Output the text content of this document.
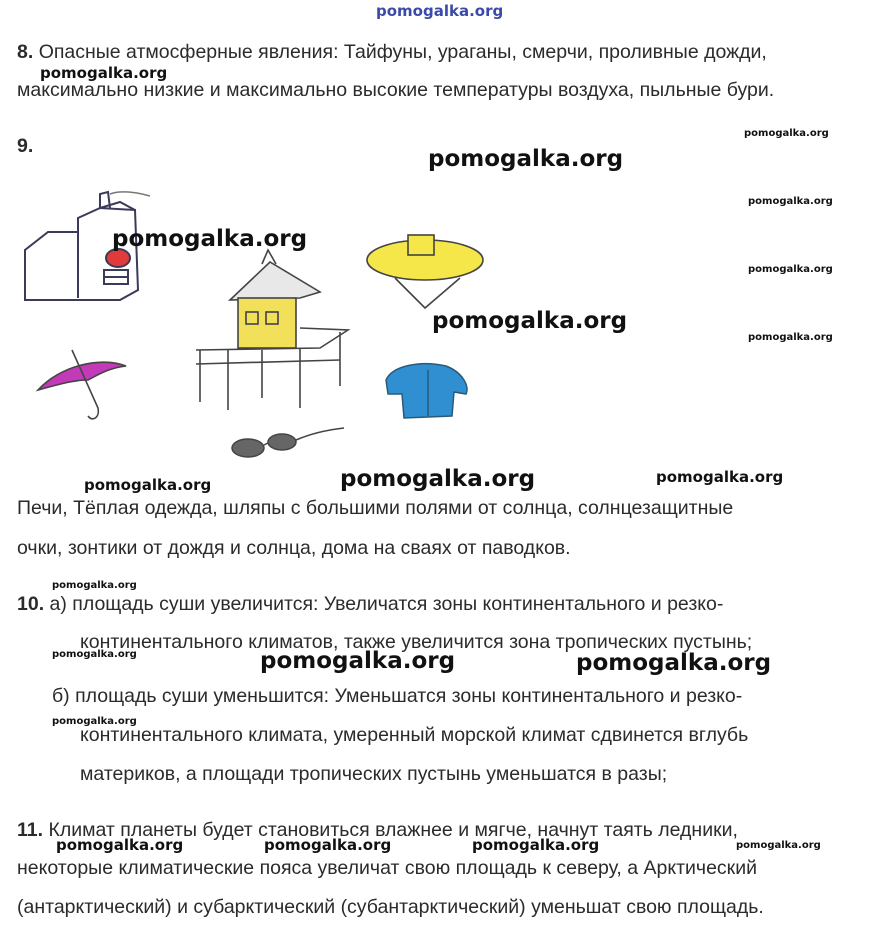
pomogalka.org
8. Опасные атмосферные явления: Тайфуны, ураганы, смерчи, проливные дожди,
максимально низкие и максимально высокие температуры воздуха, пыльные бури.
9.
Печи, Тёплая одежда, шляпы с большими полями от солнца, солнцезащитные
очки, зонтики от дождя и солнца, дома на сваях от паводков.
10. а) площадь суши увеличится: Увеличатся зоны континентального и резко-
континентального климатов, также увеличится зона тропических пустынь;
б) площадь суши уменьшится: Уменьшатся зоны континентального и резко-
континентального климата, умеренный морской климат сдвинется вглубь
материков, а площади тропических пустынь уменьшатся в разы;
11. Климат планеты будет становиться влажнее и мягче, начнут таять ледники,
некоторые климатические пояса увеличат свою площадь к северу, а Арктический
(антарктический) и субарктический (субантарктический) уменьшат свою площадь.
pomogalka.org
pomogalka.org
pomogalka.org
pomogalka.org
pomogalka.org
pomogalka.org
pomogalka.org
pomogalka.org
pomogalka.org	pomogalka.org	pomogalka.org
pomogalka.org
pomogalka.org	pomogalka.org	pomogalka.org
pomogalka.org
pomogalka.org	pomogalka.org	pomogalka.org	pomogalka.org
